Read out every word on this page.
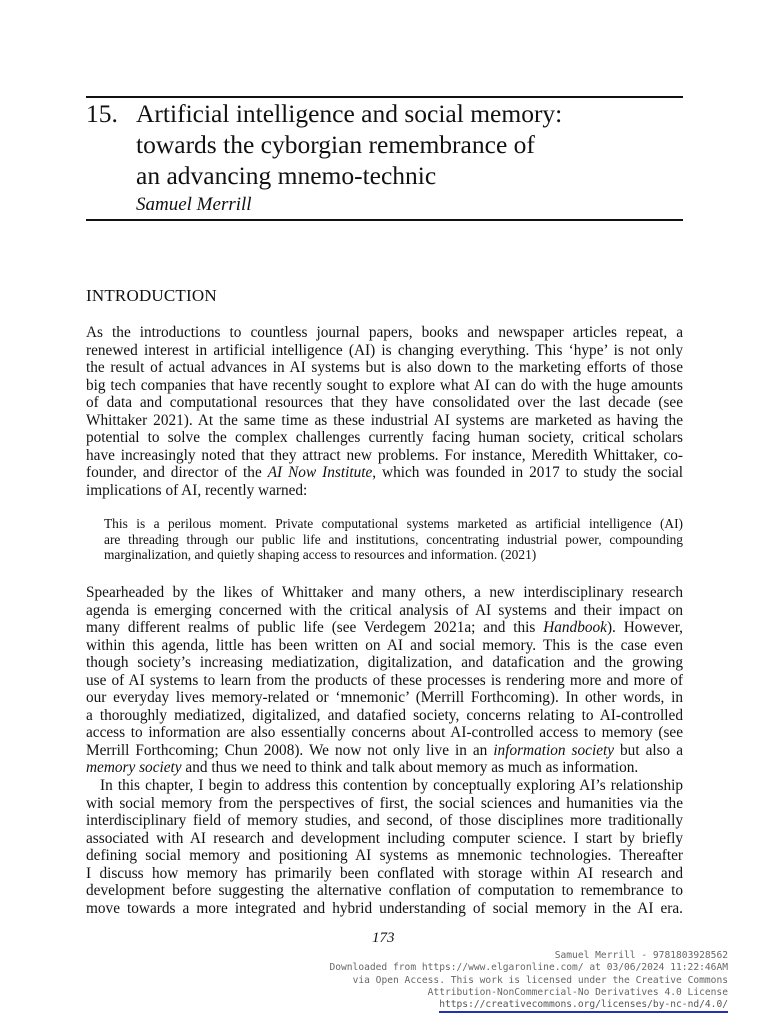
15. Artificial intelligence and social memory:
towards the cyborgian remembrance of
an advancing mnemo-technic
Samuel Merrill
INTRODUCTION
As the introductions to countless journal papers, books and newspaper articles repeat, a
renewed interest in artificial intelligence (AI) is changing everything. This ‘hype’ is not only
the result of actual advances in AI systems but is also down to the marketing efforts of those
big tech companies that have recently sought to explore what AI can do with the huge amounts
of data and computational resources that they have consolidated over the last decade (see
Whittaker 2021). At the same time as these industrial AI systems are marketed as having the
potential to solve the complex challenges currently facing human society, critical scholars
have increasingly noted that they attract new problems. For instance, Meredith Whittaker, co-
founder, and director of the AI Now Institute, which was founded in 2017 to study the social
implications of AI, recently warned:
This is a perilous moment. Private computational systems marketed as artificial intelligence (AI)
are threading through our public life and institutions, concentrating industrial power, compounding
marginalization, and quietly shaping access to resources and information. (2021)
Spearheaded by the likes of Whittaker and many others, a new interdisciplinary research
agenda is emerging concerned with the critical analysis of AI systems and their impact on
many different realms of public life (see Verdegem 2021a; and this Handbook). However,
within this agenda, little has been written on AI and social memory. This is the case even
though society’s increasing mediatization, digitalization, and datafication and the growing
use of AI systems to learn from the products of these processes is rendering more and more of
our everyday lives memory-related or ‘mnemonic’ (Merrill Forthcoming). In other words, in
a thoroughly mediatized, digitalized, and datafied society, concerns relating to AI-controlled
access to information are also essentially concerns about AI-controlled access to memory (see
Merrill Forthcoming; Chun 2008). We now not only live in an information society but also a
memory society and thus we need to think and talk about memory as much as information.
In this chapter, I begin to address this contention by conceptually exploring AI’s relationship
with social memory from the perspectives of first, the social sciences and humanities via the
interdisciplinary field of memory studies, and second, of those disciplines more traditionally
associated with AI research and development including computer science. I start by briefly
defining social memory and positioning AI systems as mnemonic technologies. Thereafter
I discuss how memory has primarily been conflated with storage within AI research and
development before suggesting the alternative conflation of computation to remembrance to
move towards a more integrated and hybrid understanding of social memory in the AI era.
173
Samuel Merrill - 9781803928562
Downloaded from https://www.elgaronline.com/ at 03/06/2024 11:22:46AM
via Open Access. This work is licensed under the Creative Commons
Attribution-NonCommercial-No Derivatives 4.0 License
https://creativecommons.org/licenses/by-nc-nd/4.0/
